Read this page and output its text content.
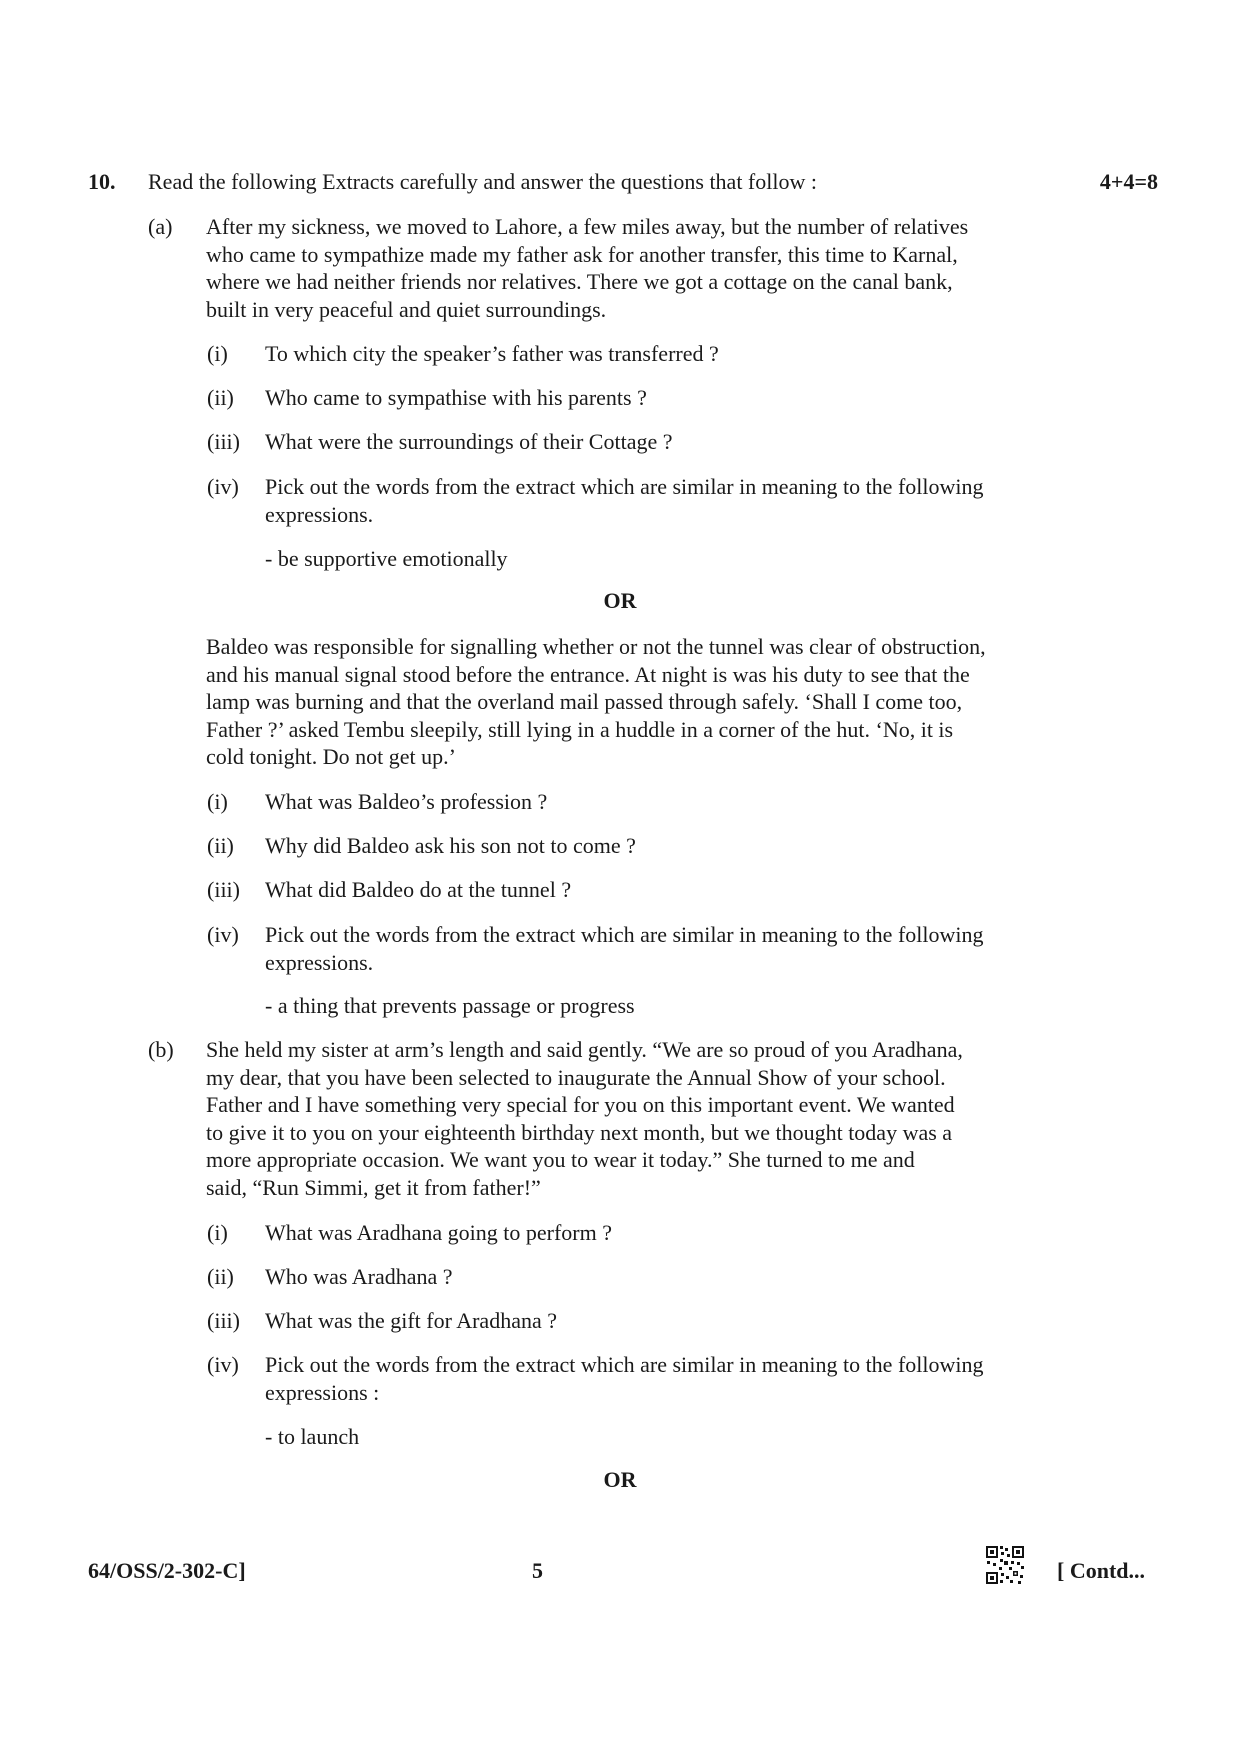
10. Read the following Extracts carefully and answer the questions that follow :	4+4=8
(a) After my sickness, we moved to Lahore, a few miles away, but the number of relatives
who came to sympathize made my father ask for another transfer, this time to Karnal,
where we had neither friends nor relatives. There we got a cottage on the canal bank,
built in very peaceful and quiet surroundings.
(i) To which city the speaker’s father was transferred ?
(ii) Who came to sympathise with his parents ?
(iii) What were the surroundings of their Cottage ?
(iv) Pick out the words from the extract which are similar in meaning to the following
expressions.
- be supportive emotionally
OR
Baldeo was responsible for signalling whether or not the tunnel was clear of obstruction,
and his manual signal stood before the entrance. At night is was his duty to see that the
lamp was burning and that the overland mail passed through safely. ‘Shall I come too,
Father ?’ asked Tembu sleepily, still lying in a huddle in a corner of the hut. ‘No, it is
cold tonight. Do not get up.’
(i) What was Baldeo’s profession ?
(ii) Why did Baldeo ask his son not to come ?
(iii) What did Baldeo do at the tunnel ?
(iv) Pick out the words from the extract which are similar in meaning to the following
expressions.
- a thing that prevents passage or progress
(b) She held my sister at arm’s length and said gently. “We are so proud of you Aradhana,
my dear, that you have been selected to inaugurate the Annual Show of your school.
Father and I have something very special for you on this important event. We wanted
to give it to you on your eighteenth birthday next month, but we thought today was a
more appropriate occasion. We want you to wear it today.” She turned to me and
said, “Run Simmi, get it from father!”
(i) What was Aradhana going to perform ?
(ii) Who was Aradhana ?
(iii) What was the gift for Aradhana ?
(iv) Pick out the words from the extract which are similar in meaning to the following
expressions :
- to launch
OR
64/OSS/2-302-C]	5	[ Contd...
